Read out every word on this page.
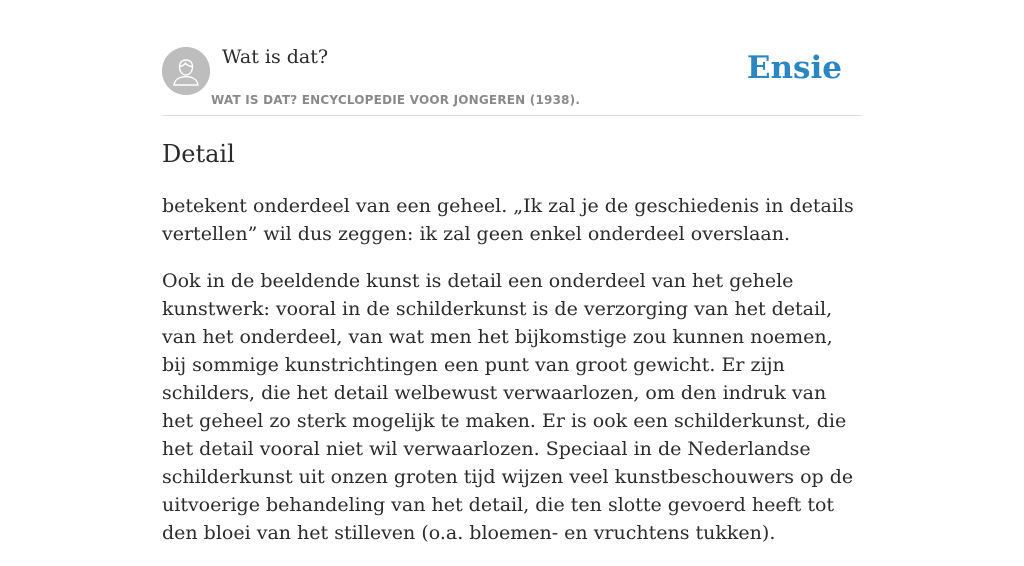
Wat is dat?
WAT IS DAT? ENCYCLOPEDIE VOOR JONGEREN (1938).
Ensie
Detail

betekent onderdeel van een geheel. „Ik zal je de geschiedenis in details vertellen” wil dus zeggen: ik zal geen enkel onderdeel overslaan.

Ook in de beeldende kunst is detail een onderdeel van het gehele kunstwerk: vooral in de schilderkunst is de verzorging van het detail, van het onderdeel, van wat men het bijkomstige zou kunnen noemen, bij sommige kunstrichtingen een punt van groot gewicht. Er zijn schilders, die het detail welbewust verwaarlozen, om den indruk van het geheel zo sterk mogelijk te maken. Er is ook een schilderkunst, die het detail vooral niet wil verwaarlozen. Speciaal in de Nederlandse schilderkunst uit onzen groten tijd wijzen veel kunstbeschouwers op de uitvoerige behandeling van het detail, die ten slotte gevoerd heeft tot den bloei van het stilleven (o.a. bloemen- en vruchtens tukken).
